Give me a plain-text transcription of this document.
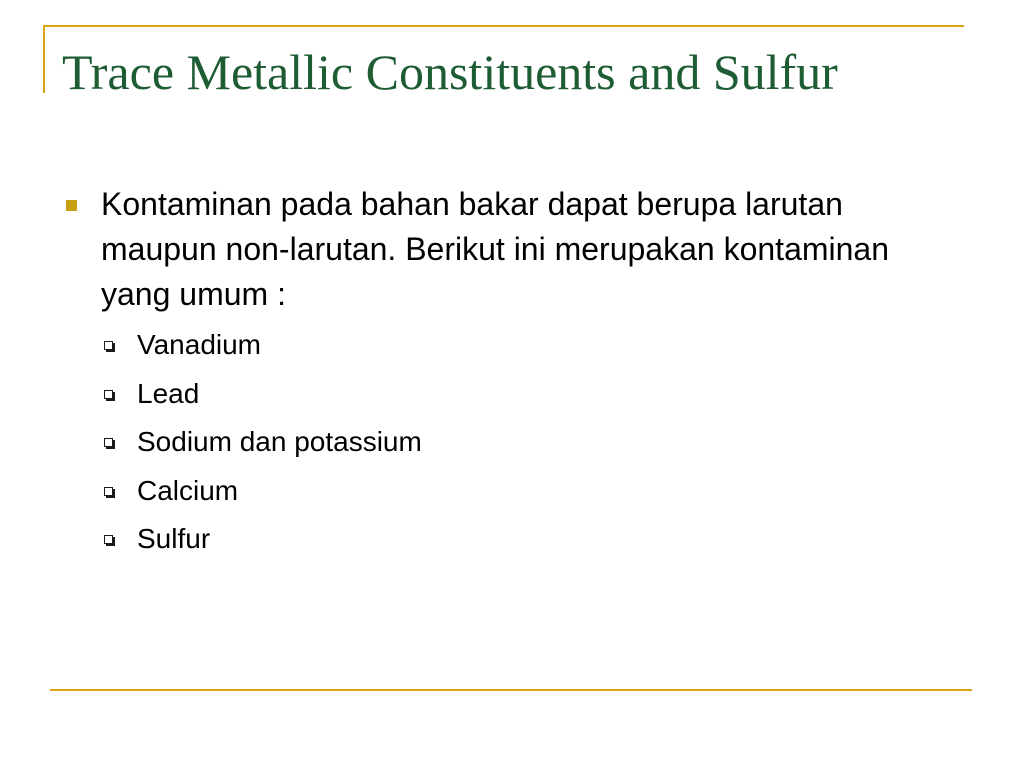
Trace Metallic Constituents and Sulfur
Kontaminan pada bahan bakar dapat berupa larutan maupun non-larutan. Berikut ini merupakan kontaminan yang umum :
Vanadium
Lead
Sodium dan potassium
Calcium
Sulfur
